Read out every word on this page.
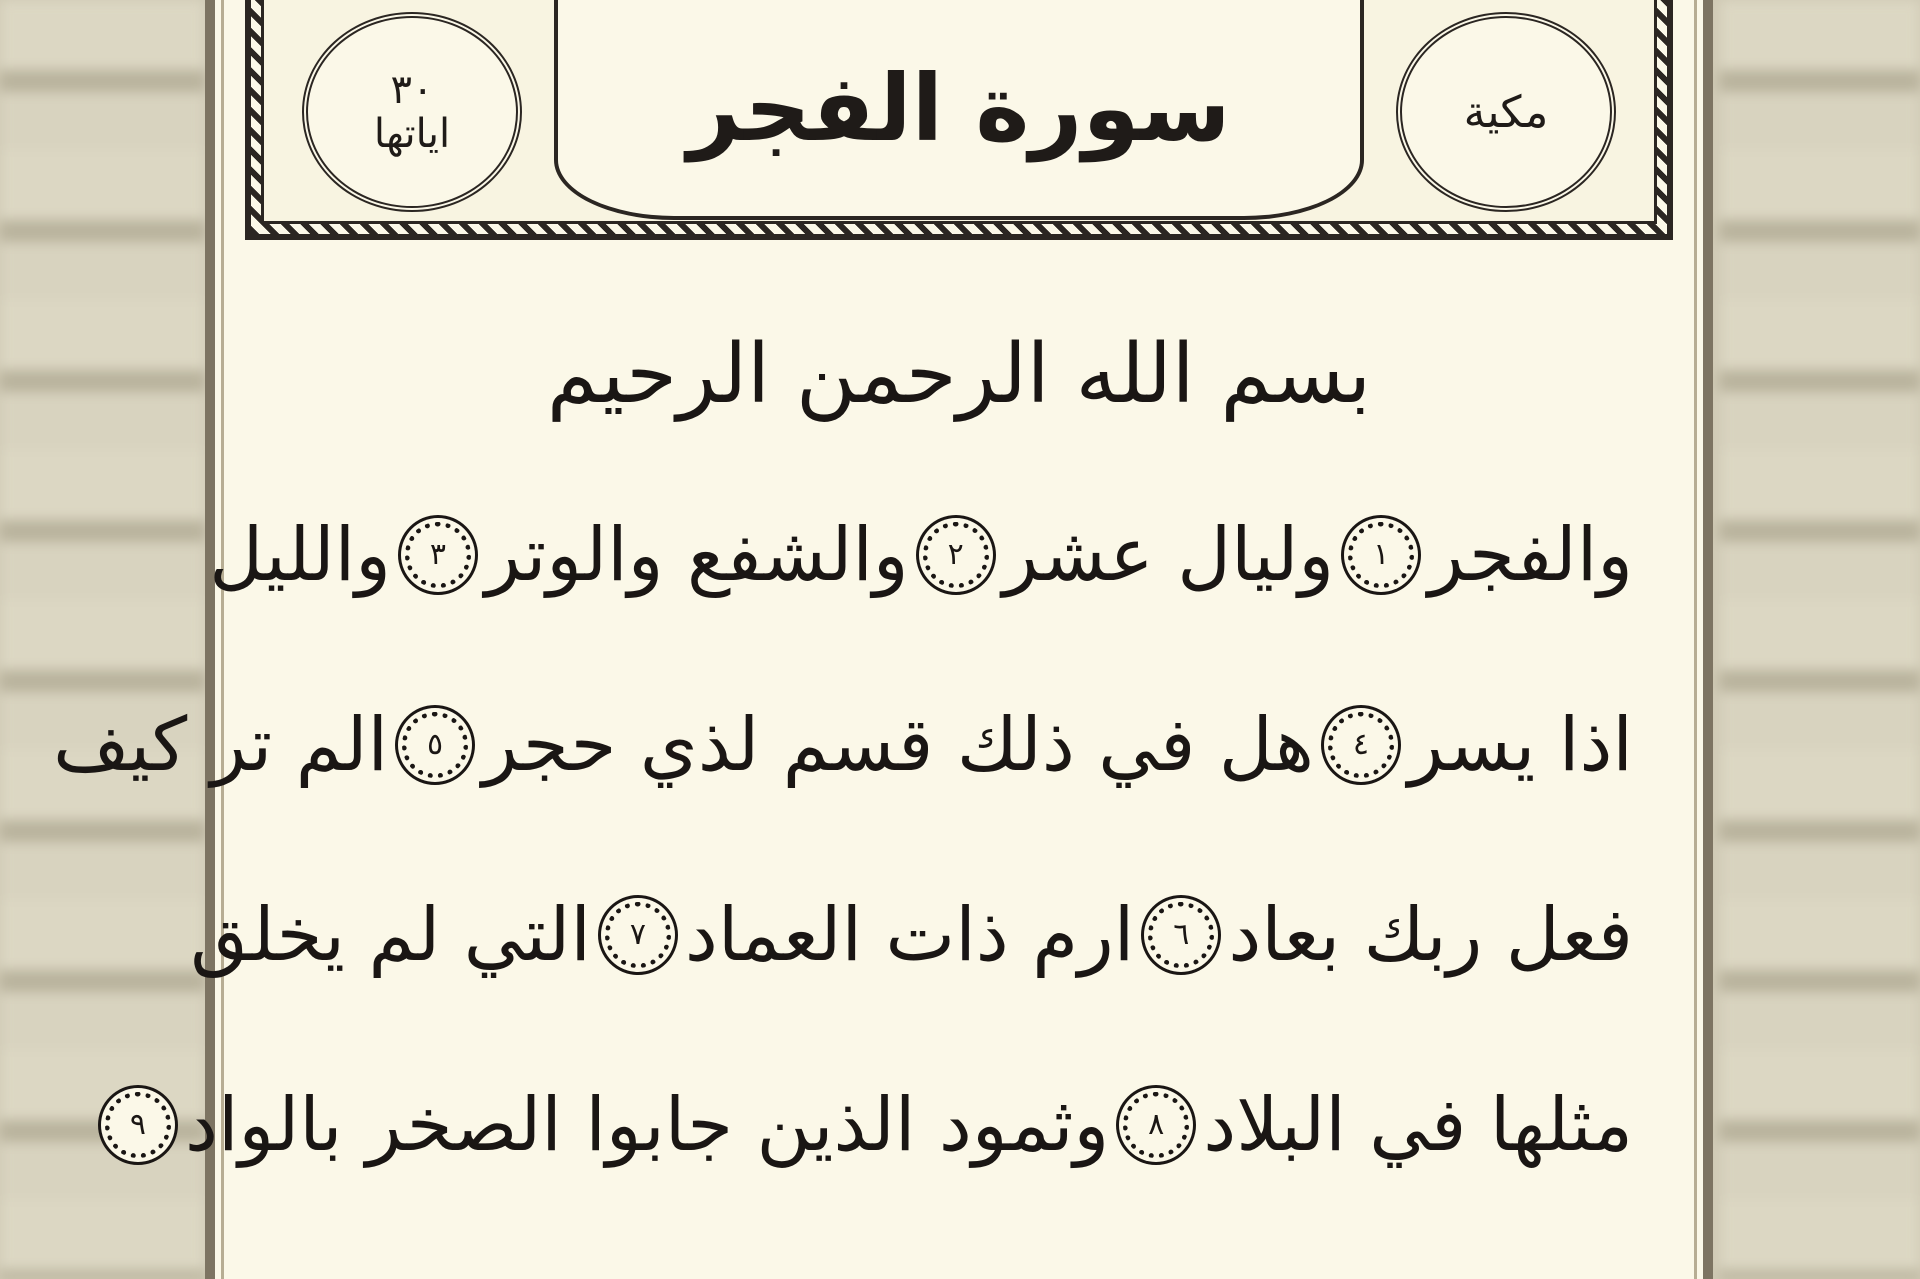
٣٠
اياتها	سورة الفجر	مكية
بسم الله الرحمن الرحيم
والفجر
١
وليال عشر
٢
والشفع والوتر
٣
والليل
اذا يسر
٤
هل في ذلك قسم لذي حجر
٥
الم تر كيف
فعل ربك بعاد
٦
ارم ذات العماد
٧
التي لم يخلق
مثلها في البلاد
٨
وثمود الذين جابوا الصخر بالواد
٩
